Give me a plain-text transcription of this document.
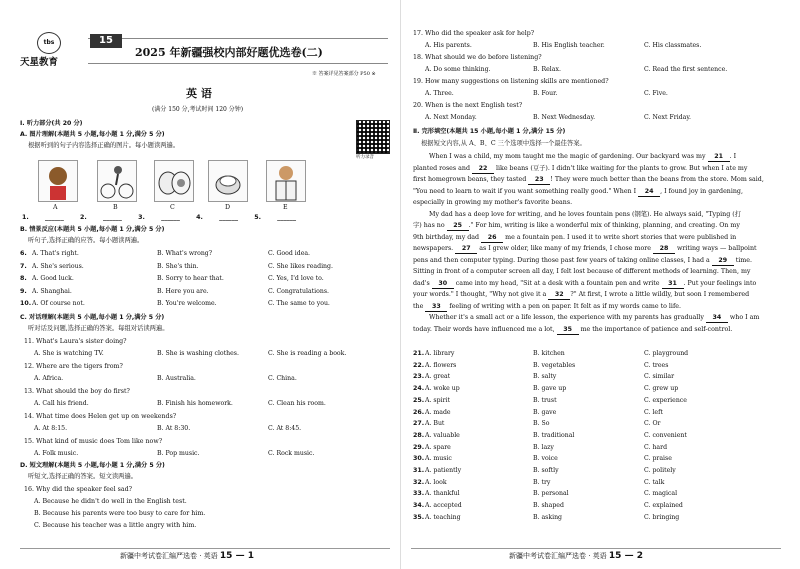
tbs
天星教育
15
2025 年新疆强校内部好题优选卷(二)
※ 答案详见答案部分 P50 ※
英 语
(满分 150 分,考试时间 120 分钟)
听力录音
Ⅰ. 听力部分(共 20 分)
A. 图片理解(本题共 5 小题,每小题 1 分,满分 5 分)
根据听到的句子内容选择正确的图片。每小题读两遍。
A	B	C	D	E
1. ______ 2. ______ 3. ______ 4. ______ 5. ______
B. 情景反应(本题共 5 小题,每小题 1 分,满分 5 分)
听句子,选择正确的应答。每小题读两遍。
6. A. That's right.	B. What's wrong?	C. Good idea.
7. A. She's serious.	B. She's thin.	C. She likes reading.
8. A. Good luck.	B. Sorry to hear that.	C. Yes, I'd love to.
9. A. Shanghai.	B. Here you are.	C. Congratulations.
10. A. Of course not.	B. You're welcome.	C. The same to you.
C. 对话理解(本题共 5 小题,每小题 1 分,满分 5 分)
听对话及问题,选择正确的答案。每组对话读两遍。
11. What's Laura's sister doing?
A. She is watching TV.	B. She is washing clothes.	C. She is reading a book.
12. Where are the tigers from?
A. Africa.	B. Australia.	C. China.
13. What should the boy do first?
A. Call his friend.	B. Finish his homework.	C. Clean his room.
14. What time does Helen get up on weekends?
A. At 8:15.	B. At 8:30.	C. At 8:45.
15. What kind of music does Tom like now?
A. Folk music.	B. Pop music.	C. Rock music.
D. 短文理解(本题共 5 小题,每小题 1 分,满分 5 分)
听短文,选择正确的答案。短文读两遍。
16. Why did the speaker feel sad?
A. Because he didn't do well in the English test.
B. Because his parents were too busy to care for him.
C. Because his teacher was a little angry with him.
新疆中考试卷汇编严选卷 · 英语 15 — 1
17. Who did the speaker ask for help?
A. His parents.	B. His English teacher.	C. His classmates.
18. What should we do before listening?
A. Do some thinking.	B. Relax.	C. Read the first sentence.
19. How many suggestions on listening skills are mentioned?
A. Three.	B. Four.	C. Five.
20. When is the next English test?
A. Next Monday.	B. Next Wednesday.	C. Next Friday.
Ⅱ. 完形填空(本题共 15 小题,每小题 1 分,满分 15 分)
根据短文内容,从 A、B、C 三个选项中选择一个最佳答案。
When I was a child, my mom taught me the magic of gardening. Our backyard was my 21 . I
planted roses and 22 like beans (豆子). I didn't like waiting for the plants to grow. But when I ate my
first homegrown beans, they tasted 23 ! They were much better than the beans from the store. Mom said,
"You need to learn to wait if you want something really good." When I 24 , I found joy in gardening,
especially in growing my mother's favorite beans.
My dad has a deep love for writing, and he loves fountain pens (钢笔). He always said, "Typing (打
字) has no 25 ." For him, writing is like a wonderful mix of thinking, planning, and creating. On my
9th birthday, my dad 26 me a fountain pen. I used it to write short stories that were published in
newspapers. 27 as I grew older, like many of my friends, I chose more 28 writing ways — ballpoint
pens and then computer typing. During those past few years of taking online classes, I had a 29 time.
Sitting in front of a computer screen all day, I felt lost because of different methods of learning. Then, my
dad's 30 came into my head, "Sit at a desk with a fountain pen and write 31 . Put your feelings into
your words." I thought, "Why not give it a 32 ?" At first, I wrote a little wildly, but soon I remembered
the 33 feeling of writing with a pen on paper. It felt as if my words came to life.
Whether it's a small act or a life lesson, the experience with my parents has gradually 34 who I am
today. Their words have influenced me a lot, 35 me the importance of patience and self-control.
21. A. library	B. kitchen	C. playground
22. A. flowers	B. vegetables	C. trees
23. A. great	B. salty	C. similar
24. A. woke up	B. gave up	C. grew up
25. A. spirit	B. trust	C. experience
26. A. made	B. gave	C. left
27. A. But	B. So	C. Or
28. A. valuable	B. traditional	C. convenient
29. A. spare	B. lazy	C. hard
30. A. music	B. voice	C. praise
31. A. patiently	B. softly	C. politely
32. A. look	B. try	C. talk
33. A. thankful	B. personal	C. magical
34. A. accepted	B. shaped	C. explained
35. A. teaching	B. asking	C. bringing
新疆中考试卷汇编严选卷 · 英语 15 — 2
